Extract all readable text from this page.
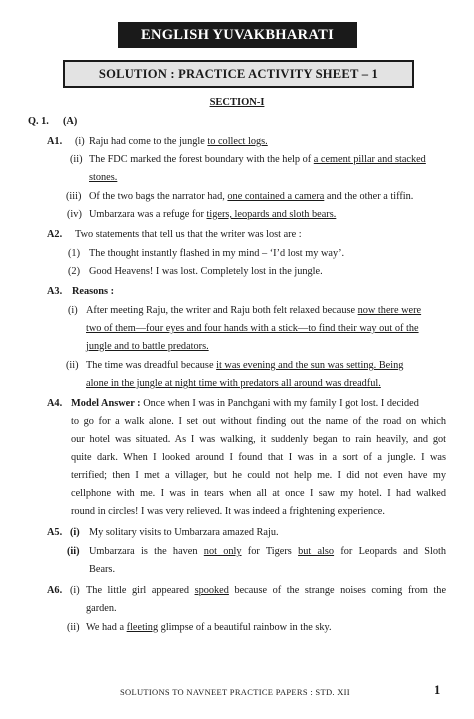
ENGLISH YUVAKBHARATI
SOLUTION : PRACTICE ACTIVITY SHEET – 1
SECTION-I
Q. 1. (A)
A1. (i) Raju had come to the jungle to collect logs.
(ii) The FDC marked the forest boundary with the help of a cement pillar and stacked
stones.
(iii) Of the two bags the narrator had, one contained a camera and the other a tiffin.
(iv) Umbarzara was a refuge for tigers, leopards and sloth bears.
A2. Two statements that tell us that the writer was lost are :
(1) The thought instantly flashed in my mind – ‘I’d lost my way’.
(2) Good Heavens! I was lost. Completely lost in the jungle.
A3. Reasons :
(i) After meeting Raju, the writer and Raju both felt relaxed because now there were
two of them—four eyes and four hands with a stick—to find their way out of the
jungle and to battle predators.
(ii) The time was dreadful because it was evening and the sun was setting. Being
alone in the jungle at night time with predators all around was dreadful.
A4. Model Answer : Once when I was in Panchgani with my family I got lost. I decided
to go for a walk alone. I set out without finding out the name of the road on which
our hotel was situated. As I was walking, it suddenly began to rain heavily, and got
quite dark. When I looked around I found that I was in a sort of a jungle. I was
terrified; then I met a villager, but he could not help me. I did not even have my
cellphone with me. I was in tears when all at once I saw my hotel. I had walked
round in circles! I was very relieved. It was indeed a frightening experience.
A5. (i) My solitary visits to Umbarzara amazed Raju.
(ii) Umbarzara is the haven not only for Tigers but also for Leopards and Sloth
Bears.
A6. (i) The little girl appeared spooked because of the strange noises coming from the
garden.
(ii) We had a fleeting glimpse of a beautiful rainbow in the sky.
SOLUTIONS TO NAVNEET PRACTICE PAPERS : STD. XII	1
